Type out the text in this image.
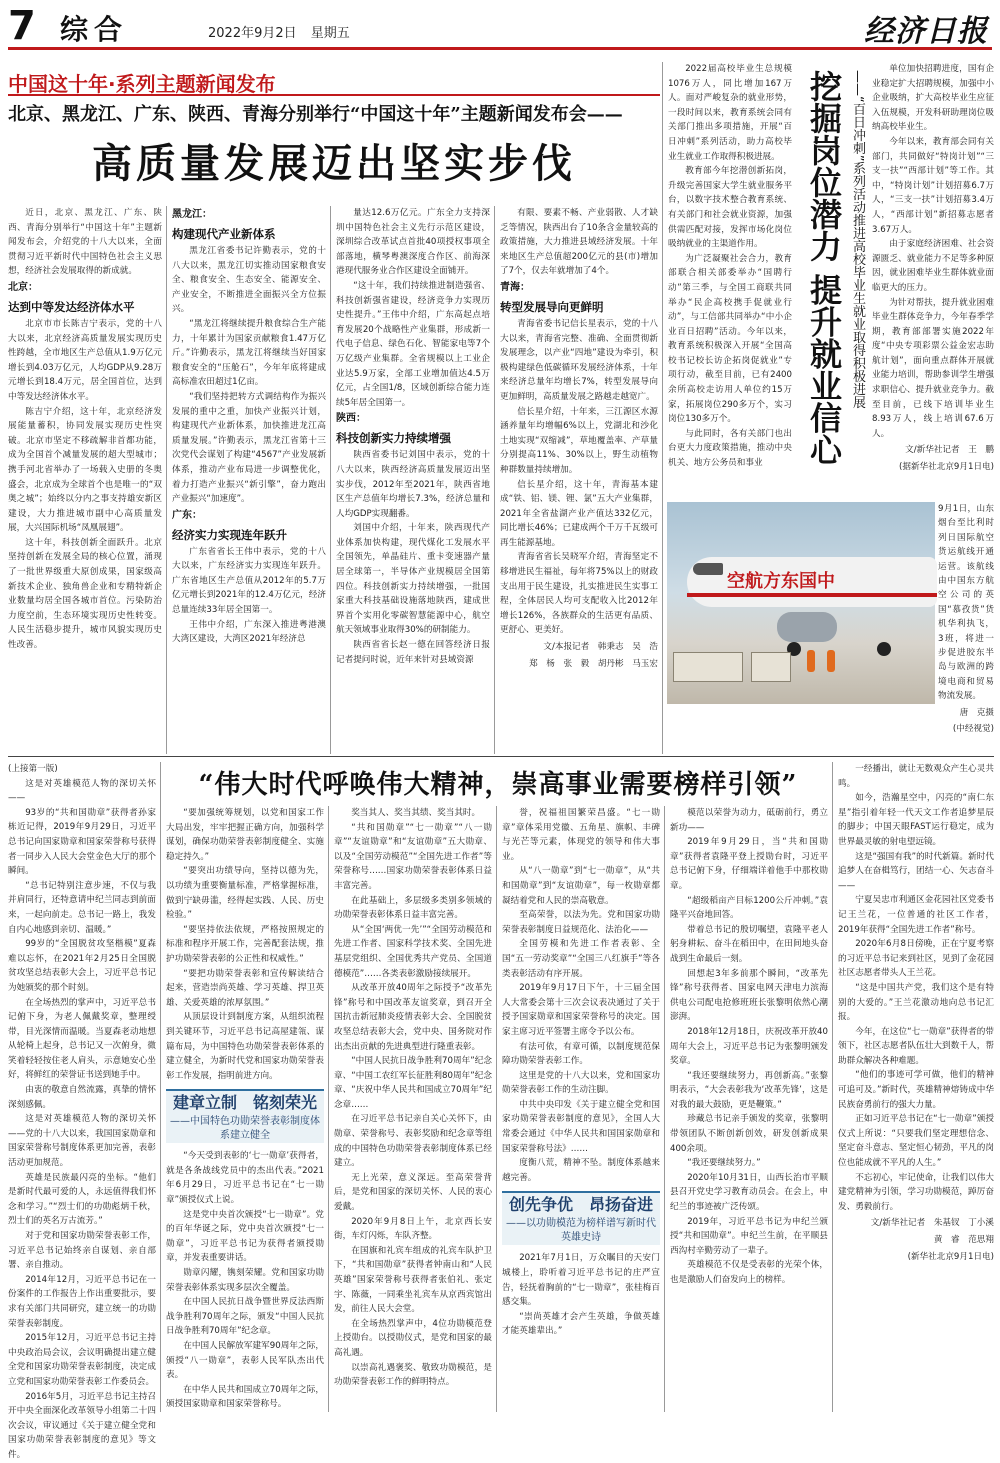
7 综合	2022年9月2日 星期五	经济日报
中国这十年·系列主题新闻发布
北京、黑龙江、广东、陕西、青海分别举行“中国这十年”主题新闻发布会——
高质量发展迈出坚实步伐

近日，北京、黑龙江、广东、陕西、青海分别举行“中国这十年”主题新闻发布会，介绍党的十八大以来，全面贯彻习近平新时代中国特色社会主义思想，经济社会发展取得的新成就。

北京：
达到中等发达经济体水平

北京市市长陈吉宁表示，党的十八大以来，北京经济高质量发展实现历史性跨越，全市地区生产总值从1.9万亿元增长到4.03万亿元，人均GDP从9.28万元增长到18.4万元，居全国首位，达到中等发达经济体水平。

陈吉宁介绍，这十年，北京经济发展能量蓄积，协同发展实现历史性突破。北京市坚定不移疏解非首都功能，成为全国首个减量发展的超大型城市；携手河北省举办了一场载入史册的冬奥盛会，北京成为全球首个也是唯一的“双奥之城”；始终以分内之事支持雄安新区建设，大力推进城市副中心高质量发展，大兴国际机场“凤凰展翅”。

这十年，科技创新全面跃升。北京坚持创新在发展全局的核心位置，涌现了一批世界级重大原创成果，国家级高新技术企业、独角兽企业和专精特新企业数量均居全国各城市首位。污染防治力度空前，生态环境实现历史性转变。人民生活稳步提升，城市风貌实现历史性改善。

黑龙江：
构建现代产业新体系

黑龙江省委书记许勤表示，党的十八大以来，黑龙江切实推动国家粮食安全、粮食安全、生态安全、能源安全、产业安全，不断推进全面振兴全方位振兴。

“黑龙江将继续提升粮食综合生产能力，十年累计为国家贡献粮食1.47万亿斤。”许勤表示，黑龙江将继续当好国家粮食安全的“压舱石”，今年年底将建成高标准农田超过1亿亩。

“我们坚持把转方式调结构作为振兴发展的重中之重，加快产业振兴计划，构建现代产业新体系，加快推进龙江高质量发展。”许勤表示，黑龙江省第十三次党代会谋划了构建“4567”产业发展新体系，推动产业布局进一步调整优化，着力打造产业振兴“新引擎”，奋力跑出产业振兴“加速度”。

广东：
经济实力实现连年跃升

广东省省长王伟中表示，党的十八大以来，广东经济实力实现连年跃升。广东省地区生产总值从2012年的5.7万亿元增长到2021年的12.4万亿元，经济总量连续33年居全国第一。

王伟中介绍，广东深入推进粤港澳大湾区建设，大湾区2021年经济总

量达12.6万亿元。广东全力支持深圳中国特色社会主义先行示范区建设，深圳综合改革试点首批40项授权事项全部落地，横琴粤澳深度合作区、前海深港现代服务业合作区建设全面铺开。

“这十年，我们持续推进制造强省、科技创新强省建设，经济竞争力实现历史性提升。”王伟中介绍，广东高起点培育发展20个战略性产业集群，形成新一代电子信息、绿色石化、智能家电等7个万亿级产业集群。全省规模以上工业企业达5.9万家，全部工业增加值达4.5万亿元，占全国1/8，区域创新综合能力连续5年居全国第一。

陕西：
科技创新实力持续增强

陕西省委书记刘国中表示，党的十八大以来，陕西经济高质量发展迈出坚实步伐，2012年至2021年，陕西省地区生产总值年均增长7.3%，经济总量和人均GDP实现翻番。

刘国中介绍，十年来，陕西现代产业体系加快构建，现代煤化工发展水平全国领先，单晶硅片、重卡变速器产量居全球第一，半导体产业规模居全国第四位。科技创新实力持续增强，一批国家重大科技基础设施落地陕西，建成世界首个实用化零碳智慧能源中心，航空航天领域事业取得30%的研制能力。

陕西省省长赵一德在回答经济日报记者提问时说，近年来针对县域资源

有限、要素不畅、产业弱散、人才缺乏等情况，陕西出台了10条含金量较高的政策措施，大力推进县域经济发展。十年来地区生产总值超200亿元的县(市)增加了7个，仅去年就增加了4个。

青海：
转型发展导向更鲜明

青海省委书记信长星表示，党的十八大以来，青海省完整、准确、全面贯彻新发展理念，以产业“四地”建设为牵引，积极构建绿色低碳循环发展经济体系，十年来经济总量年均增长7%，转型发展导向更加鲜明，高质量发展之路越走越宽广。

信长星介绍，十年来，三江源区水源涵养量年均增幅6%以上，党湖北和沙化土地实现“双缩减”，草地覆盖率、产草量分别提高11%、30%以上，野生动植物种群数量持续增加。

信长星介绍，这十年，青海基本建成“铁、铝、镁、锂、氯”五大产业集群，2021年全省盐湖产业产值达332亿元，同比增长46%；已建成两个千万千瓦级可再生能源基地。

青海省省长吴晓军介绍，青海坚定不移增进民生福祉，每年将75%以上的财政支出用于民生建设，扎实推进民生实事工程，全体居民人均可支配收入比2012年增长126%，各族群众的生活更有品质、更舒心、更美好。

文/本报记者　韩秉志　吴　浩
郑　杨　张　毅　胡丹彬　马玉宏

2022届高校毕业生总规模1076万人，同比增加167万人。面对严峻复杂的就业形势，一段时间以来，教育系统会同有关部门推出多项措施，开展“百日冲刺”系列活动，助力高校毕业生就业工作取得积极进展。

教育部今年挖潜创新拓岗，升级完善国家大学生就业服务平台，以数字技术整合教育系统、有关部门和社会就业资源，加强供需匹配对接，发挥市场化岗位吸纳就业的主渠道作用。

为广泛凝聚社会合力，教育部联合相关部委举办“国聘行动”第三季，与全国工商联共同举办“民企高校携手促就业行动”，与工信部共同举办“中小企业百日招聘”活动。今年以来，教育系统积极深入开展“全国高校书记校长访企拓岗促就业”专项行动，截至目前，已有2400余所高校走访用人单位约15万家，拓展岗位290多万个，实习岗位130多万个。

与此同时，各有关部门也出台更大力度政策措施，推动中央机关、地方公务员和事业	挖掘岗位潜力 提升就业信心 ——“百日冲刺”系列活动推进高校毕业生就业取得积极进展

单位加快招聘进度，国有企业稳定扩大招聘规模，加强中小企业吸纳，扩大高校毕业生应征入伍规模，开发科研助理岗位吸纳高校毕业生。

今年以来，教育部会同有关部门，共同做好“特岗计划”“三支一扶”“西部计划”等工作。其中，“特岗计划”计划招募6.7万人，“三支一扶”计划招募3.4万人，“西部计划”新招募志愿者3.67万人。

由于家庭经济困难、社会资源匮乏、就业能力不足等多种原因，就业困难毕业生群体就业面临更大的压力。

为针对帮扶，提升就业困难毕业生群体竞争力，今年春季学期，教育部部署实施2022年度“中央专项彩票公益金宏志助航计划”，面向重点群体开展就业能力培训，帮助参训学生增强求职信心、提升就业竞争力。截至目前，已线下培训毕业生8.93万人，线上培训67.6万人。

文/新华社记者　王　鹏
(据新华社北京9月1日电)
空航方东国中
9月1日，山东烟台至比利时列日国际航空货运航线开通运营。该航线由中国东方航空公司的英国“慕孜货”货机华利执飞，3班，将进一步促进胶东半岛与欧洲的跨境电商和贸易物流发展。
唐　克摄
(中经视觉)
(上接第一版)

这是对英雄模范人物的深切关怀——

93岁的“共和国勋章”获得者孙家栋近记得，2019年9月29日，习近平总书记向国家勋章和国家荣誉称号获得者一同步入人民大会堂金色大厅的那个瞬间。

“总书记特别注意步速，不仅与我并肩同行，还特意请申纪兰同志到前面来，一起向前走。总书记一路上，我发自内心地感到亲切、温暖。”

99岁的“全国脱贫攻坚楷模”夏森难以忘怀，在2021年2月25日全国脱贫攻坚总结表彰大会上，习近平总书记为她颁奖的那个时刻。

在全场热烈的掌声中，习近平总书记俯下身，为老人佩戴奖章，整理绶带，目光深情而温暖。当夏森老动地想从轮椅上起身，总书记又一次俯身，微笑着轻轻按住老人肩头，示意她安心坐好，将鲜红的荣誉证书送到她手中。

由衷的敬意自然流露，真挚的情怀深刻感佩。

这是对英雄模范人物的深切关怀——党的十八大以来，我国国家勋章和国家荣誉称号制度体系更加完善，表彰活动更加规范。

英雄是民族最闪亮的坐标。“他们是新时代最可爱的人，永远值得我们怀念和学习。”“烈士们的功勋彪炳千秋，烈士们的英名万古流芳。”

对于党和国家功勋荣誉表彰工作，习近平总书记始终亲自谋划、亲自部署、亲自推动。

2014年12月，习近平总书记在一份案件的工作报告上作出重要批示，要求有关部门共同研究，建立统一的功勋荣誉表彰制度。

2015年12月，习近平总书记主持中央政治局会议，会议明确提出建立健全党和国家功勋荣誉表彰制度，决定成立党和国家功勋荣誉表彰工作委员会。

2016年5月，习近平总书记主持召开中央全面深化改革领导小组第二十四次会议，审议通过《关于建立健全党和国家功勋荣誉表彰制度的意见》等文件。

“伟大时代呼唤伟大精神，崇高事业需要榜样引领”

“要加强统筹规划，以党和国家工作大局出发，牢牢把握正确方向，加强科学谋划，确保功勋荣誉表彰制度健全、实施稳定持久。”

“要突出功绩导向，坚持以德为先，以功绩为重要衡量标准，严格掌握标准，做到宁缺毋滥，经得起实践、人民、历史检验。”

“要坚持依法依规，严格按照规定的标准和程序开展工作，完善配套法规，推护功勋荣誉表彰的公正性和权威性。”

“要把功勋荣誉表彰和宣传解读结合起来，营造崇尚英雄、学习英雄、捍卫英雄、关爱英雄的浓厚氛围。”

从顶层设计到制度方案，从组织流程到关键环节，习近平总书记高屋建瓴、谋篇布局，为中国特色功勋荣誉表彰体系的建立健全，为新时代党和国家功勋荣誉表彰工作发展，指明前进方向。

建章立制　铭刻荣光
——中国特色功勋荣誉表彰制度体系建立健全

“今天受到表彰的‘七一勋章’获得者，就是各条战线党员中的杰出代表。”2021年6月29日，习近平总书记在“七一勋章”颁授仪式上说。

这是党中央首次颁授“七一勋章”。党的百年华诞之际，党中央首次颁授“七一勋章”，习近平总书记为获得者颁授勋章，并发表重要讲话。

勋章闪耀，镌刻荣耀。党和国家功勋荣誉表彰体系实现多层次全覆盖。

在中国人民抗日战争暨世界反法西斯战争胜利70周年之际，颁发“中国人民抗日战争胜利70周年”纪念章。

在中国人民解放军建军90周年之际，颁授“八一勋章”，表彰人民军队杰出代表。

在中华人民共和国成立70周年之际，颁授国家勋章和国家荣誉称号。

奖当其人、奖当其绩、奖当其时。

“共和国勋章”“七一勋章”“八一勋章”“友谊勋章”和“友谊勋章”五大勋章、以及“全国劳动模范”“全国先进工作者”等荣誉称号……国家功勋荣誉表彰体系日益丰富完善。

在此基础上，多层级多类别多领域的功勋荣誉表彰体系日益丰富完善。

从“全国‘两优一先’”“全国劳动模范和先进工作者、国家科学技术奖、全国先进基层党组织、全国优秀共产党员、全国道德模范”……各类表彰激励接续展开。

从改革开放40周年之际授予“改革先锋”称号和中国改革友谊奖章，到召开全国抗击新冠肺炎疫情表彰大会、全国脱贫攻坚总结表彰大会，党中央、国务院对作出杰出贡献的先进典型进行隆重表彰。

“中国人民抗日战争胜利70周年”纪念章、“中国工农红军长征胜利80周年”纪念章、“庆祝中华人民共和国成立70周年”纪念章……

在习近平总书记亲自关心关怀下，由勋章、荣誉称号、表彰奖励和纪念章等组成的中国特色功勋荣誉表彰制度体系已经建立。

无上光荣，意义深远。至高荣誉背后，是党和国家的深切关怀、人民的衷心爱戴。

2020年9月8日上午，北京西长安街，车灯闪烁，车队齐整。

在国旗和礼宾车组成的礼宾车队护卫下，“共和国勋章”获得者钟南山和“人民英雄”国家荣誉称号获得者张伯礼、张定宇、陈薇，一同乘坐礼宾车从京西宾馆出发，前往人民大会堂。

在全场热烈掌声中，4位功勋模范登上授勋台。以授勋仪式，是党和国家的最高礼遇。

以崇高礼遇褒奖、敬致功勋模范，是功勋荣誉表彰工作的鲜明特点。

誉，祝福祖国繁荣昌盛。“七一勋章”章体采用党徽、五角星、旗帜、丰碑与光芒等元素，体现党的领导和伟大事业。

从“八一勋章”到“七一勋章”，从“共和国勋章”到“友谊勋章”，每一枚勋章都凝结着党和人民的崇高敬意。

至高荣誉，以法为先。党和国家功勋荣誉表彰制度日益规范化、法治化——

全国劳模和先进工作者表彰、全国“五一劳动奖章”“全国三八红旗手”等各类表彰活动有序开展。

2019年9月17日下午，十三届全国人大常委会第十三次会议表决通过了关于授予国家勋章和国家荣誉称号的决定。国家主席习近平签署主席令予以公布。

有法可依，有章可循，以制度规范保障功勋荣誉表彰工作。

这里是党的十八大以来，党和国家功勋荣誉表彰工作的生动注脚。

中共中央印发《关于建立健全党和国家功勋荣誉表彰制度的意见》，全国人大常委会通过《中华人民共和国国家勋章和国家荣誉称号法》……

度衡八荒，精神不坠。制度体系越来越完善。

创先争优　昂扬奋进
——以功勋模范为榜样谱写新时代英雄史诗

2021年7月1日，万众瞩目的天安门城楼上，聆听着习近平总书记的庄严宣告，轻抚着胸前的“七一勋章”，张桂梅百感交集。

“崇尚英雄才会产生英雄，争做英雄才能英雄辈出。”

模范以荣誉为动力，砥砺前行，勇立新功——

2019年9月29日，当“共和国勋章”获得者袁隆平登上授勋台时，习近平总书记俯下身，仔细端详着他手中那枚勋章。

“超级稻亩产目标1200公斤冲刺。”袁隆平兴奋地回答。

带着总书记的殷切嘱望，袁隆平老人躬身耕耘、奋斗在稻田中，在田间地头奋战到生命最后一刻。

回想起3年多前那个瞬间，“改革先锋”称号获得者、国家电网天津电力滨海供电公司配电抢修班班长张黎明依然心潮澎湃。

2018年12月18日，庆祝改革开放40周年大会上，习近平总书记为张黎明颁发奖章。

“我还要继续努力，再创新高。”张黎明表示，“大会表彰我为‘改革先锋’，这是对我的最大鼓励，更是鞭策。”

珍藏总书记亲手颁发的奖章，张黎明带领团队不断创新创效，研发创新成果400余项。

“我还要继续努力。”

2020年10月31日，山西长治市平顺县召开党史学习教育动员会。在会上，申纪兰的事迹被广泛传颂。

2019年，习近平总书记为申纪兰颁授“共和国勋章”。申纪兰生前，在平顺县西沟村辛勤劳动了一辈子。

英雄模范不仅是受表彰的光荣个体，也是激励人们奋发向上的榜样。

一经播出，就让无数观众产生心灵共鸣。

如今，浩瀚星空中，闪亮的“南仁东星”指引着年轻一代天文工作者追梦星辰的脚步；中国天眼FAST运行稳定，成为世界最灵敏的射电望远镜。

这是“强国有我”的时代新篇。新时代追梦人在奋楫笃行，团结一心、矢志奋斗——

宁夏吴忠市利通区金花园社区党委书记王兰花，一位普通的社区工作者，2019年获得“全国先进工作者”称号。

2020年6月8日傍晚，正在宁夏考察的习近平总书记来到社区，见到了金花园社区志愿者带头人王兰花。

“这是中国共产党，我们这个是有特别的大爱的。”王兰花激动地向总书记汇报。

今年，在这位“七一勋章”获得者的带领下，社区志愿者队伍壮大到数千人，帮助群众解决各种难题。

“他们的事迹可学可做，他们的精神可追可及。”新时代，英雄精神熔铸成中华民族奋勇前行的强大力量。

正如习近平总书记在“七一勋章”颁授仪式上所说：“只要我们坚定理想信念、坚定奋斗意志、坚定恒心韧劲，平凡的岗位也能成就不平凡的人生。”

不忘初心，牢记使命，让我们以伟大建党精神为引领，学习功勋模范，踔厉奋发、勇毅前行。

文/新华社记者　朱基钗　丁小溪
黄　睿　范思翔
(新华社北京9月1日电)
